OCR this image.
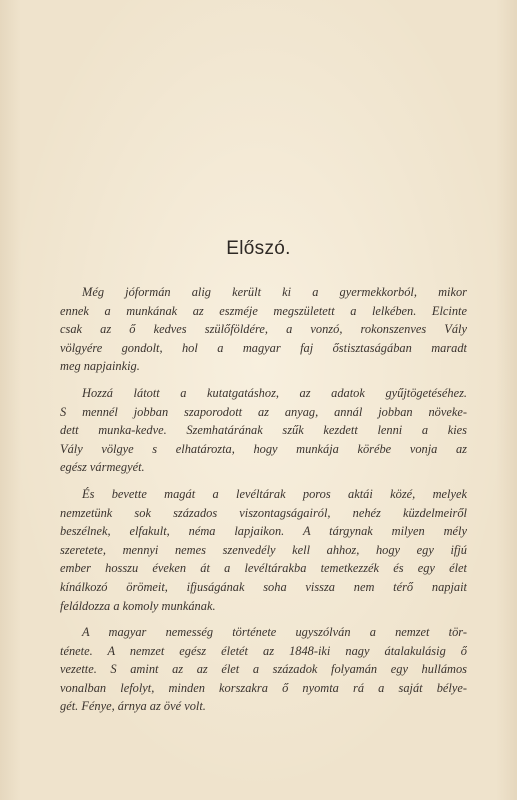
Előszó.
Még jóformán alig került ki a gyermekkorból, mikor
ennek a munkának az eszméje megszületett a lelkében. Elcinte
csak az ő kedves szülőföldére, a vonzó, rokonszenves Vály
völgyére gondolt, hol a magyar faj őstisztaságában maradt
meg napjainkig.
Hozzá látott a kutatgatáshoz, az adatok gyűjtögetéséhez.
S mennél jobban szaporodott az anyag, annál jobban növeke-
dett munka-kedve. Szemhatárának szűk kezdett lenni a kies
Vály völgye s elhatározta, hogy munkája körébe vonja az
egész vármegyét.
És bevette magát a levéltárak poros aktái közé, melyek
nemzetünk sok százados viszontagságairól, nehéz küzdelmeiről
beszélnek, elfakult, néma lapjaikon. A tárgynak milyen mély
szeretete, mennyi nemes szenvedély kell ahhoz, hogy egy ifjú
ember hosszu éveken át a levéltárakba temetkezzék és egy élet
kínálkozó örömeit, ifjuságának soha vissza nem térő napjait
feláldozza a komoly munkának.
A magyar nemesség története ugyszólván a nemzet tör-
ténete. A nemzet egész életét az 1848-iki nagy átalakulásig ő
vezette. S amint az az élet a századok folyamán egy hullámos
vonalban lefolyt, minden korszakra ő nyomta rá a saját bélye-
gét. Fénye, árnya az övé volt.
